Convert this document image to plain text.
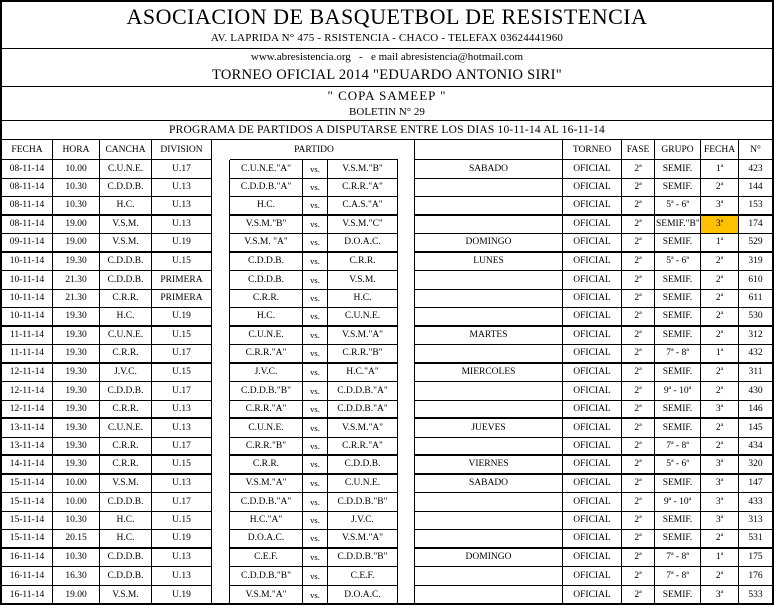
ASOCIACION DE BASQUETBOL DE RESISTENCIA
AV. LAPRIDA N° 475 - RSISTENCIA - CHACO - TELEFAX 03624441960
www.abresistencia.org   -   e mail abresistencia@hotmail.com
TORNEO OFICIAL 2014 "EDUARDO ANTONIO SIRI"
" COPA SAMEEP "
BOLETIN N° 29
PROGRAMA DE PARTIDOS A DISPUTARSE ENTRE LOS DIAS 10-11-14 AL 16-11-14
FECHA	HORA	CANCHA	DIVISION		PARTIDO					TORNEO	FASE	GRUPO	FECHA	N°
08-11-14	10.00	C.U.N.E.	U.17		C.U.N.E."A"	vs.	V.S.M."B"		SABADO	OFICIAL	2ª	SEMIF.	1ª	423
08-11-14	10.30	C.D.D.B.	U.13		C.D.D.B."A"	vs.	C.R.R."A"			OFICIAL	2ª	SEMIF.	2ª	144
08-11-14	10.30	H.C.	U.13		H.C.	vs.	C.A.S."A"			OFICIAL	2ª	5ª - 6ª	3ª	153
08-11-14	19.00	V.S.M.	U.13		V.S.M."B"	vs.	V.S.M."C"			OFICIAL	2ª	SEMIF."B"	3ª	174
09-11-14	19.00	V.S.M.	U.19		V.S.M. "A"	vs.	D.O.A.C.		DOMINGO	OFICIAL	2ª	SEMIF.	1ª	529
10-11-14	19.30	C.D.D.B.	U.15		C.D.D.B.	vs.	C.R.R.		LUNES	OFICIAL	2ª	5ª - 6ª	2ª	319
10-11-14	21.30	C.D.D.B.	PRIMERA		C.D.D.B.	vs.	V.S.M.			OFICIAL	2ª	SEMIF.	2ª	610
10-11-14	21.30	C.R.R.	PRIMERA		C.R.R.	vs.	H.C.			OFICIAL	2ª	SEMIF.	2ª	611
10-11-14	19.30	H.C.	U.19		H.C.	vs.	C.U.N.E.			OFICIAL	2ª	SEMIF.	2ª	530
11-11-14	19.30	C.U.N.E.	U.15		C.U.N.E.	vs.	V.S.M."A"		MARTES	OFICIAL	2ª	SEMIF.	2ª	312
11-11-14	19.30	C.R.R.	U.17		C.R.R."A"	vs.	C.R.R."B"			OFICIAL	2ª	7ª - 8ª	1ª	432
12-11-14	19.30	J.V.C.	U.15		J.V.C.	vs.	H.C."A"		MIERCOLES	OFICIAL	2ª	SEMIF.	2ª	311
12-11-14	19.30	C.D.D.B.	U.17		C.D.D.B."B"	vs.	C.D.D.B."A"			OFICIAL	2ª	9ª - 10ª	2ª	430
12-11-14	19.30	C.R.R.	U.13		C.R.R."A"	vs.	C.D.D.B."A"			OFICIAL	2ª	SEMIF.	3ª	146
13-11-14	19.30	C.U.N.E.	U.13		C.U.N.E.	vs.	V.S.M."A"		JUEVES	OFICIAL	2ª	SEMIF.	2ª	145
13-11-14	19.30	C.R.R.	U.17		C.R.R."B"	vs.	C.R.R."A"			OFICIAL	2ª	7ª - 8ª	2ª	434
14-11-14	19.30	C.R.R.	U.15		C.R.R.	vs.	C.D.D.B.		VIERNES	OFICIAL	2ª	5ª - 6ª	3ª	320
15-11-14	10.00	V.S.M.	U.13		V.S.M."A"	vs.	C.U.N.E.		SABADO	OFICIAL	2ª	SEMIF.	3ª	147
15-11-14	10.00	C.D.D.B.	U.17		C.D.D.B."A"	vs.	C.D.D.B."B"			OFICIAL	2ª	9ª - 10ª	3ª	433
15-11-14	10.30	H.C.	U.15		H.C."A"	vs.	J.V.C.			OFICIAL	2ª	SEMIF.	3ª	313
15-11-14	20.15	H.C.	U.19		D.O.A.C.	vs.	V.S.M."A"			OFICIAL	2ª	SEMIF.	2ª	531
16-11-14	10.30	C.D.D.B.	U.13		C.E.F.	vs.	C.D.D.B."B"		DOMINGO	OFICIAL	2ª	7ª - 8ª	1ª	175
16-11-14	16.30	C.D.D.B.	U.13		C.D.D.B."B"	vs.	C.E.F.			OFICIAL	2ª	7ª - 8ª	2ª	176
16-11-14	19.00	V.S.M.	U.19		V.S.M."A"	vs.	D.O.A.C.			OFICIAL	2ª	SEMIF.	3ª	533
